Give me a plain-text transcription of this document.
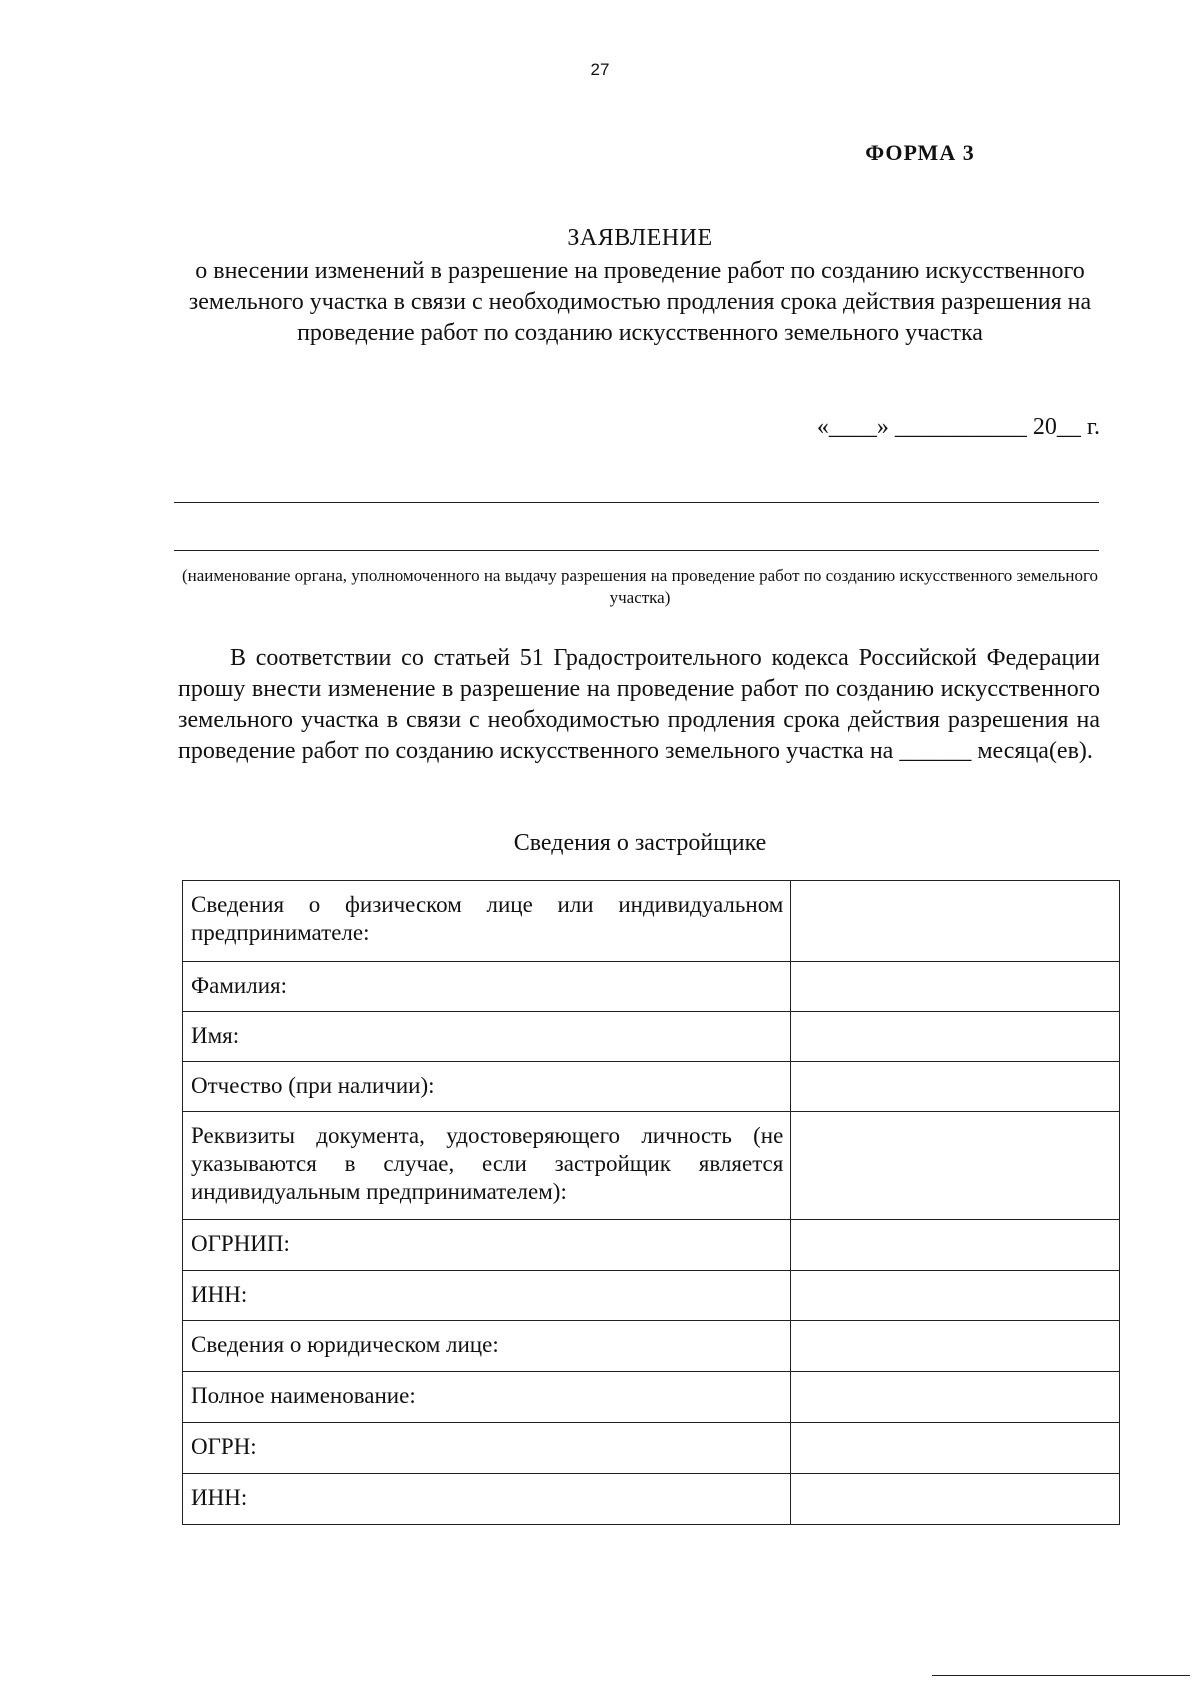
27
ФОРМА 3
ЗАЯВЛЕНИЕ
о внесении изменений в разрешение на проведение работ по созданию искусственного земельного участка в связи с необходимостью продления срока действия разрешения на проведение работ по созданию искусственного земельного участка
«____» ___________ 20__ г.
(наименование органа, уполномоченного на выдачу разрешения на проведение работ по созданию искусственного земельного участка)
В соответствии со статьей 51 Градостроительного кодекса Российской Федерации прошу внести изменение в разрешение на проведение работ по созданию искусственного земельного участка в связи с необходимостью продления срока действия разрешения на проведение работ по созданию искусственного земельного участка на ______ месяца(ев).
Сведения о застройщике
Сведения о физическом лице или индивидуальном предпринимателе:	
Фамилия:	
Имя:	
Отчество (при наличии):	
Реквизиты документа, удостоверяющего личность (не указываются в случае, если застройщик является индивидуальным предпринимателем):	
ОГРНИП:	
ИНН:	
Сведения о юридическом лице:	
Полное наименование:	
ОГРН:	
ИНН:	
